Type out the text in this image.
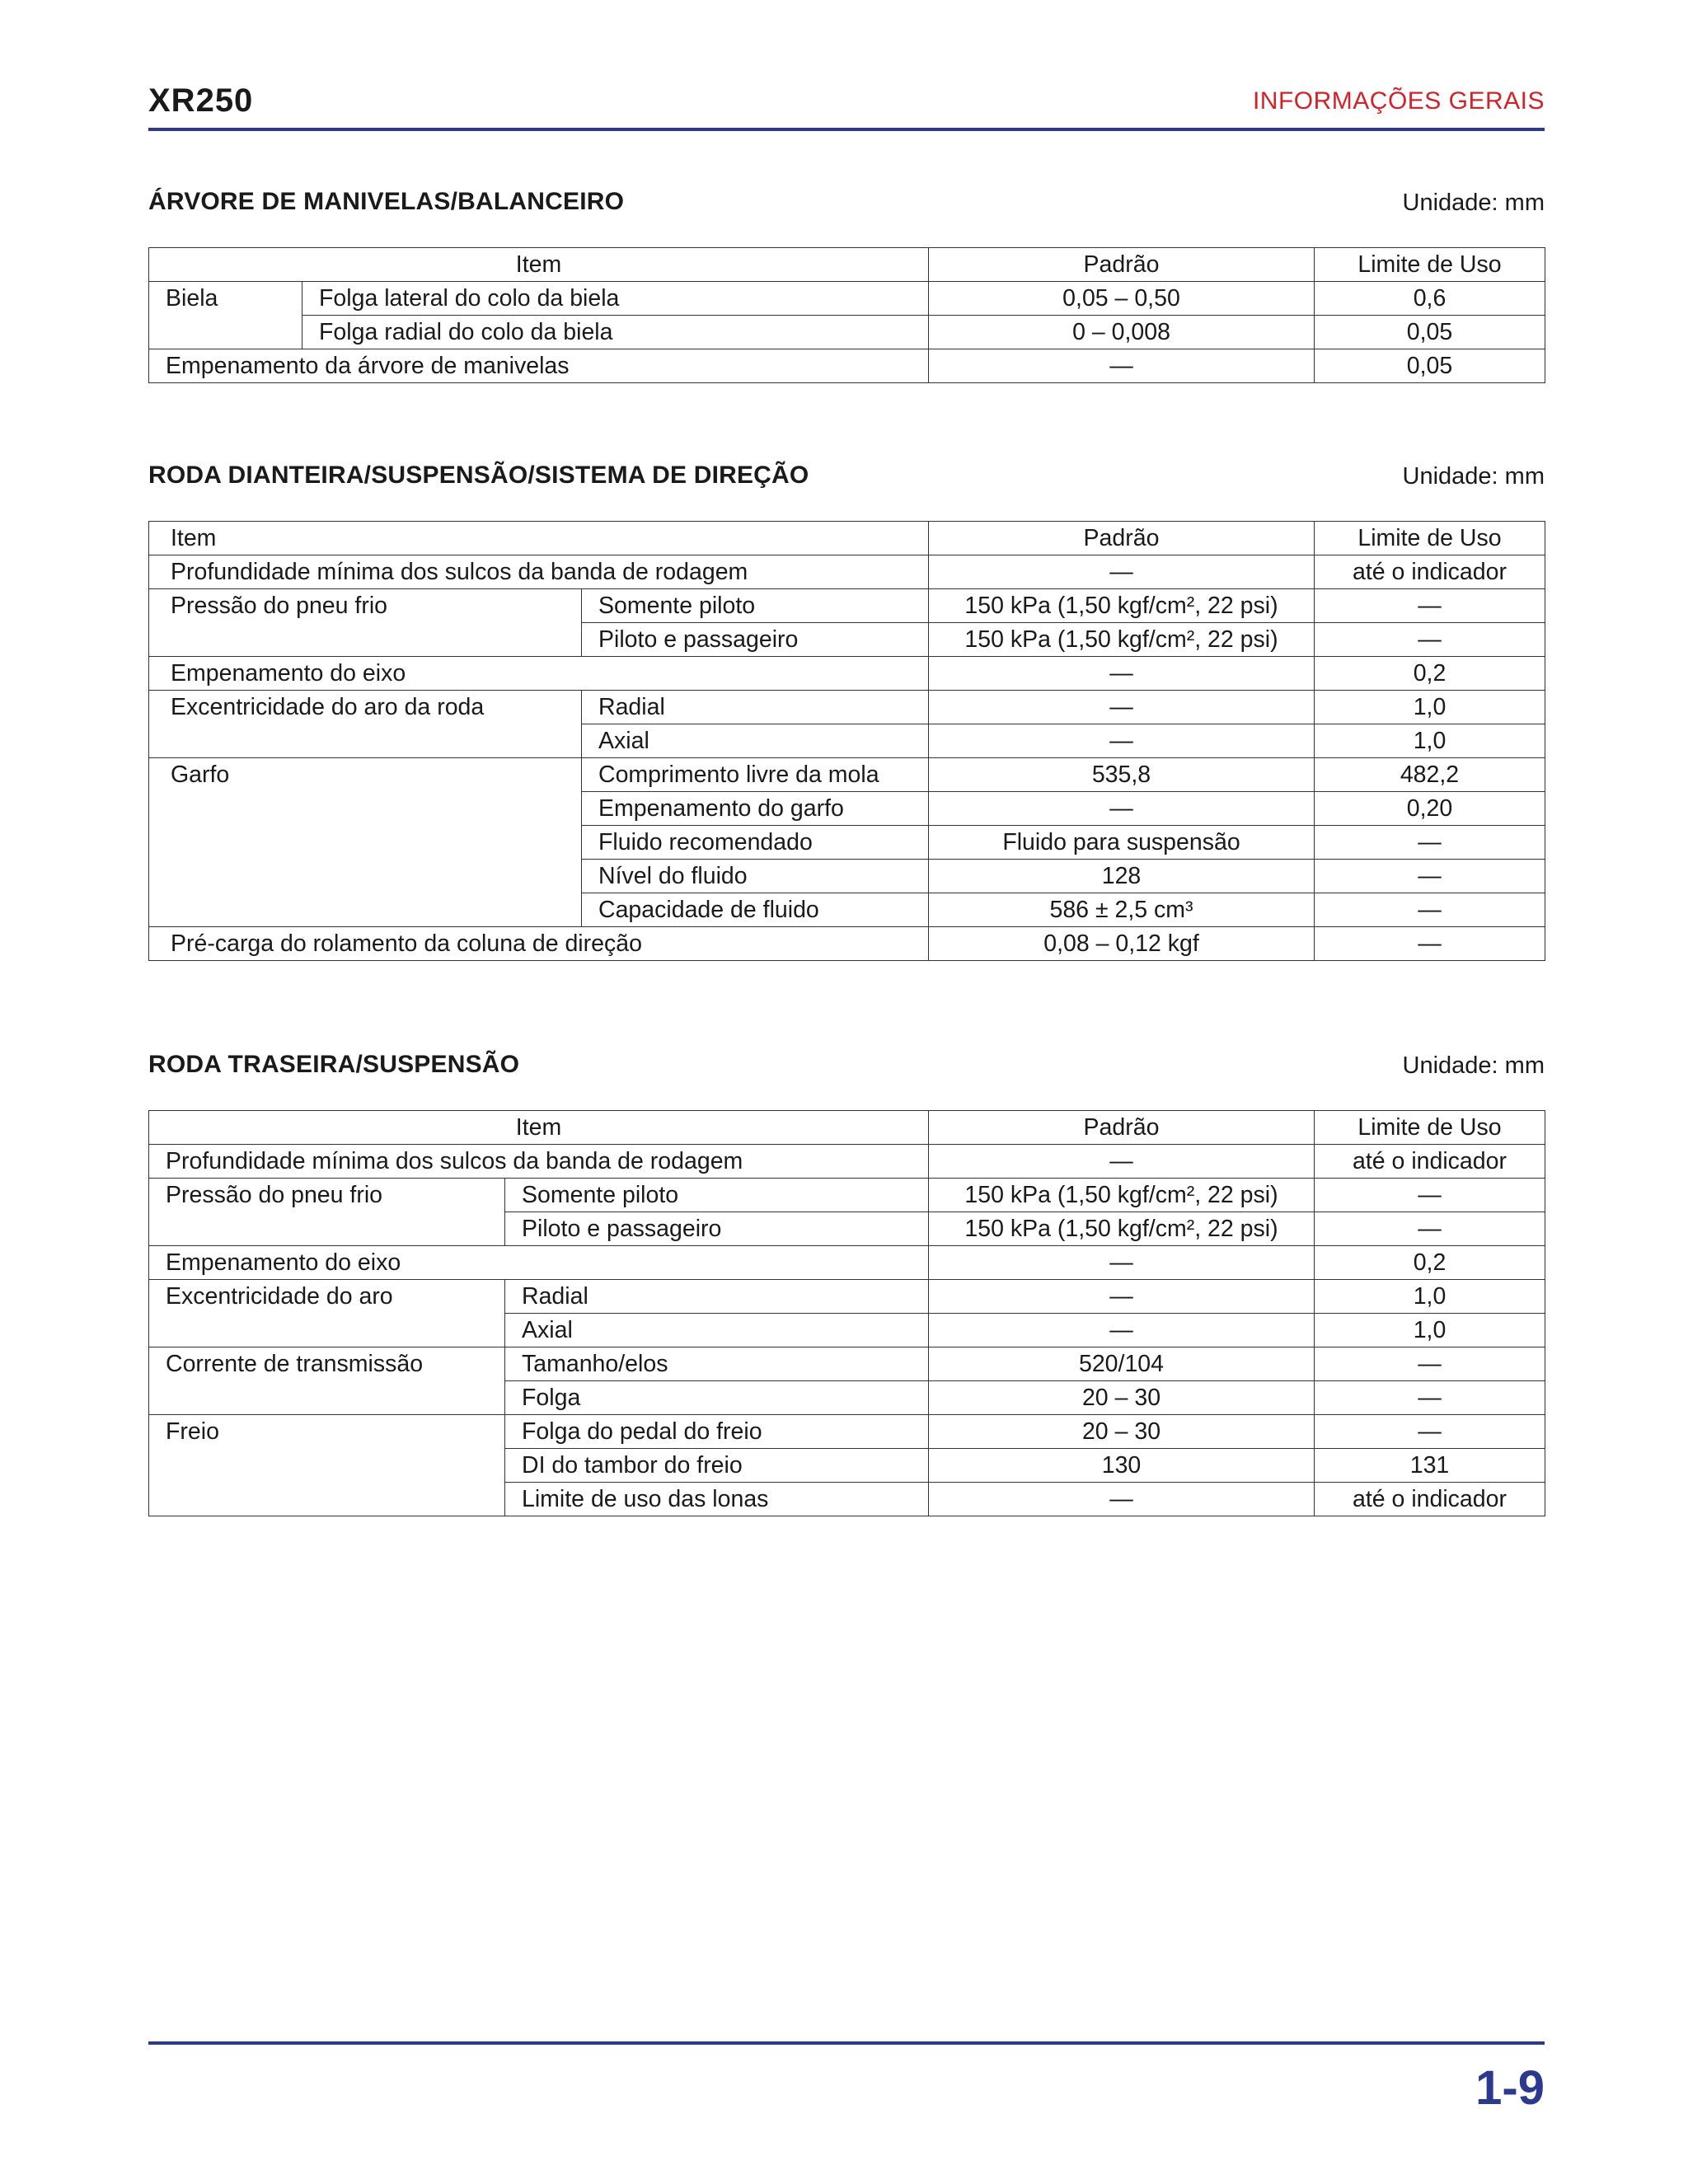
XR250	INFORMAÇÕES GERAIS
ÁRVORE DE MANIVELAS/BALANCEIRO	Unidade: mm
Item		Padrão	Limite de Uso
Biela	Folga lateral do colo da biela	0,05 – 0,50	0,6
	Folga radial do colo da biela	0 – 0,008	0,05
Empenamento da árvore de manivelas		—	0,05
RODA DIANTEIRA/SUSPENSÃO/SISTEMA DE DIREÇÃO	Unidade: mm
Item		Padrão	Limite de Uso
Profundidade mínima dos sulcos da banda de rodagem		—	até o indicador
Pressão do pneu frio	Somente piloto	150 kPa (1,50 kgf/cm², 22 psi)	—
	Piloto e passageiro	150 kPa (1,50 kgf/cm², 22 psi)	—
Empenamento do eixo		—	0,2
Excentricidade do aro da roda	Radial	—	1,0
	Axial	—	1,0
Garfo	Comprimento livre da mola	535,8	482,2
	Empenamento do garfo	—	0,20
	Fluido recomendado	Fluido para suspensão	—
	Nível do fluido	128	—
	Capacidade de fluido	586 ± 2,5 cm³	—
Pré-carga do rolamento da coluna de direção		0,08 – 0,12 kgf	—
RODA TRASEIRA/SUSPENSÃO	Unidade: mm
Item		Padrão	Limite de Uso
Profundidade mínima dos sulcos da banda de rodagem		—	até o indicador
Pressão do pneu frio	Somente piloto	150 kPa (1,50 kgf/cm², 22 psi)	—
	Piloto e passageiro	150 kPa (1,50 kgf/cm², 22 psi)	—
Empenamento do eixo		—	0,2
Excentricidade do aro	Radial	—	1,0
	Axial	—	1,0
Corrente de transmissão	Tamanho/elos	520/104	—
	Folga	20 – 30	—
Freio	Folga do pedal do freio	20 – 30	—
	DI do tambor do freio	130	131
	Limite de uso das lonas	—	até o indicador
1-9
